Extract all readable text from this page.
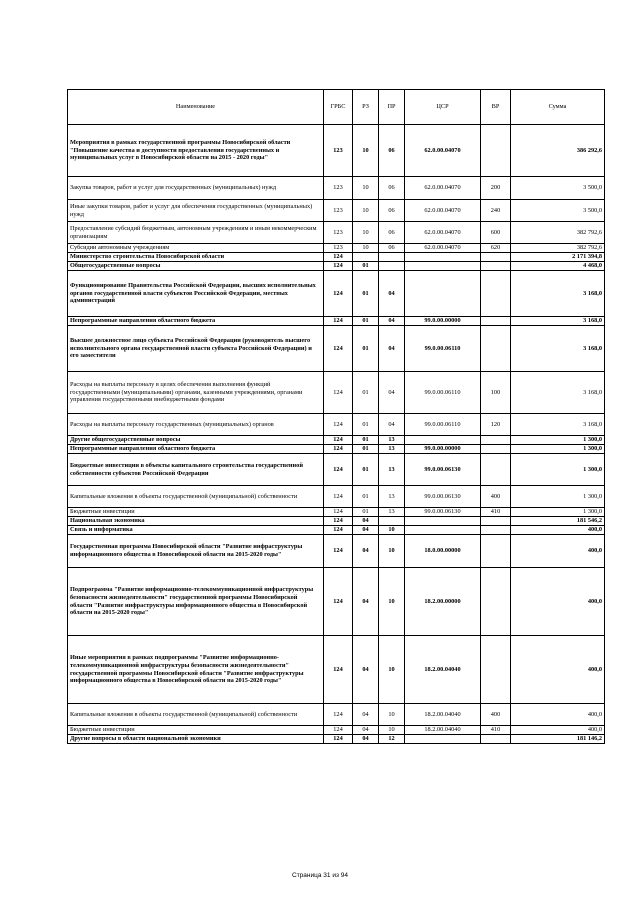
Наименование	ГРБС	РЗ	ПР	ЦСР	ВР	Сумма
Мероприятия в рамках государственной программы Новосибирской области "Повышение качества и доступности предоставления государственных и муниципальных услуг в Новосибирской области на 2015 - 2020 годы"	123	10	06	62.0.00.04070		386 292,6
Закупка товаров, работ и услуг для государственных (муниципальных) нужд	123	10	06	62.0.00.04070	200	3 500,0
Иные закупки товаров, работ и услуг для обеспечения государственных (муниципальных) нужд	123	10	06	62.0.00.04070	240	3 500,0
Предоставление субсидий бюджетным, автономным учреждениям и иным некоммерческим организациям	123	10	06	62.0.00.04070	600	382 792,6
Субсидии автономным учреждениям	123	10	06	62.0.00.04070	620	382 792,6
Министерство строительства Новосибирской области	124					2 171 394,8
Общегосударственные вопросы	124	01				4 468,0
Функционирование Правительства Российской Федерации, высших исполнительных органов государственной власти субъектов Российской Федерации, местных администраций	124	01	04			3 168,0
Непрограммные направления областного бюджета	124	01	04	99.0.00.00000		3 168,0
Высшее должностное лицо субъекта Российской Федерации (руководитель высшего исполнительного органа государственной власти субъекта Российской Федерации) и его заместители	124	01	04	99.0.00.06110		3 168,0
Расходы на выплаты персоналу в целях обеспечения выполнения функций государственными (муниципальными) органами, казенными учреждениями, органами управления государственными внебюджетными фондами	124	01	04	99.0.00.06110	100	3 168,0
Расходы на выплаты персоналу государственных (муниципальных) органов	124	01	04	99.0.00.06110	120	3 168,0
Другие общегосударственные вопросы	124	01	13			1 300,0
Непрограммные направления областного бюджета	124	01	13	99.0.00.00000		1 300,0
Бюджетные инвестиции в объекты капитального строительства государственной собственности субъектов Российской Федерации	124	01	13	99.0.00.06130		1 300,0
Капитальные вложения в объекты государственной (муниципальной) собственности	124	01	13	99.0.00.06130	400	1 300,0
Бюджетные инвестиции	124	01	13	99.0.00.06130	410	1 300,0
Национальная экономика	124	04				181 546,2
Связь и информатика	124	04	10			400,0
Государственная программа Новосибирской области "Развитие инфраструктуры информационного общества в Новосибирской области на 2015-2020 годы"	124	04	10	18.0.00.00000		400,0
Подпрограмма "Развитие информационно-телекоммуникационной инфраструктуры безопасности жизнедеятельности" государственной программы Новосибирской области "Развитие инфраструктуры информационного общества в Новосибирской области на 2015-2020 годы"	124	04	10	18.2.00.00000		400,0
Иные мероприятия в рамках подпрограммы "Развитие информационно-телекоммуникационной инфраструктуры безопасности жизнедеятельности" государственной программы Новосибирской области "Развитие инфраструктуры информационного общества в Новосибирской области на 2015-2020 годы"	124	04	10	18.2.00.04040		400,0
Капитальные вложения в объекты государственной (муниципальной) собственности	124	04	10	18.2.00.04040	400	400,0
Бюджетные инвестиции	124	04	10	18.2.00.04040	410	400,0
Другие вопросы в области национальной экономики	124	04	12			181 146,2
Страница 31 из 94
